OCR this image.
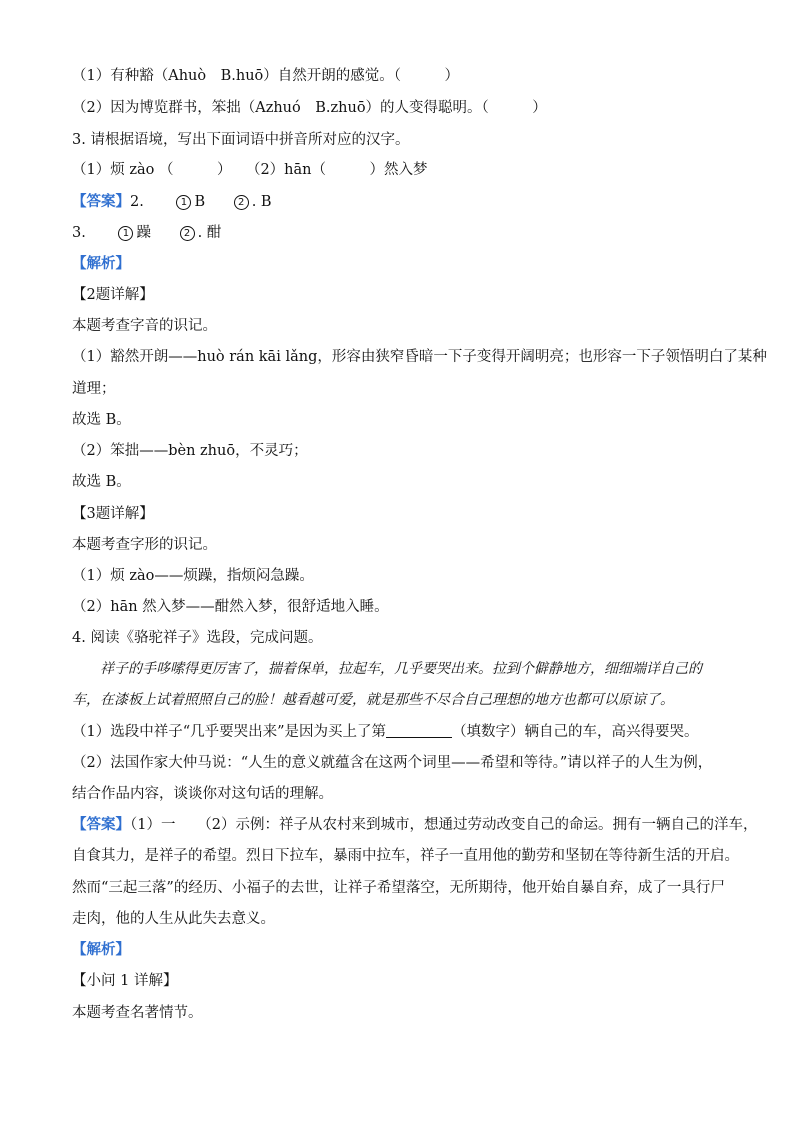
（1）有种豁（Ahuò　B.huō）自然开朗的感觉。（　　　）
（2）因为博览群书，笨拙（Azhuó　B.zhuō）的人变得聪明。（　　　）
3. 请根据语境，写出下面词语中拼音所对应的汉字。
（1）烦 zào （　　　）　　（2）hān（　　　）然入梦
【答案】2.	1 B	2 . B
3.	1 躁	2 . 酣
【解析】
【2题详解】
本题考查字音的识记。
（1）豁然开朗——huò rán kāi lǎng，形容由狭窄昏暗一下子变得开阔明亮；也形容一下子领悟明白了某种
道理；
故选 B。
（2）笨拙——bèn zhuō，不灵巧；
故选 B。
【3题详解】
本题考查字形的识记。
（1）烦 zào——烦躁，指烦闷急躁。
（2）hān 然入梦——酣然入梦，很舒适地入睡。
4. 阅读《骆驼祥子》选段，完成问题。
祥子的手哆嗦得更厉害了，揣着保单，拉起车，几乎要哭出来。拉到个僻静地方，细细端详自己的
车，在漆板上试着照照自己的脸！越看越可爱，就是那些不尽合自己理想的地方也都可以原谅了。
（1）选段中祥子“几乎要哭出来”是因为买上了第	（填数字）辆自己的车，高兴得要哭。
（2）法国作家大仲马说：“人生的意义就蕴含在这两个词里——希望和等待。”请以祥子的人生为例，
结合作品内容，谈谈你对这句话的理解。
【答案】（1）一　　（2）示例：祥子从农村来到城市，想通过劳动改变自己的命运。拥有一辆自己的洋车，
自食其力，是祥子的希望。烈日下拉车，暴雨中拉车，祥子一直用他的勤劳和坚韧在等待新生活的开启。
然而“三起三落”的经历、小福子的去世，让祥子希望落空，无所期待，他开始自暴自弃，成了一具行尸
走肉，他的人生从此失去意义。
【解析】
【小问 1 详解】
本题考查名著情节。
